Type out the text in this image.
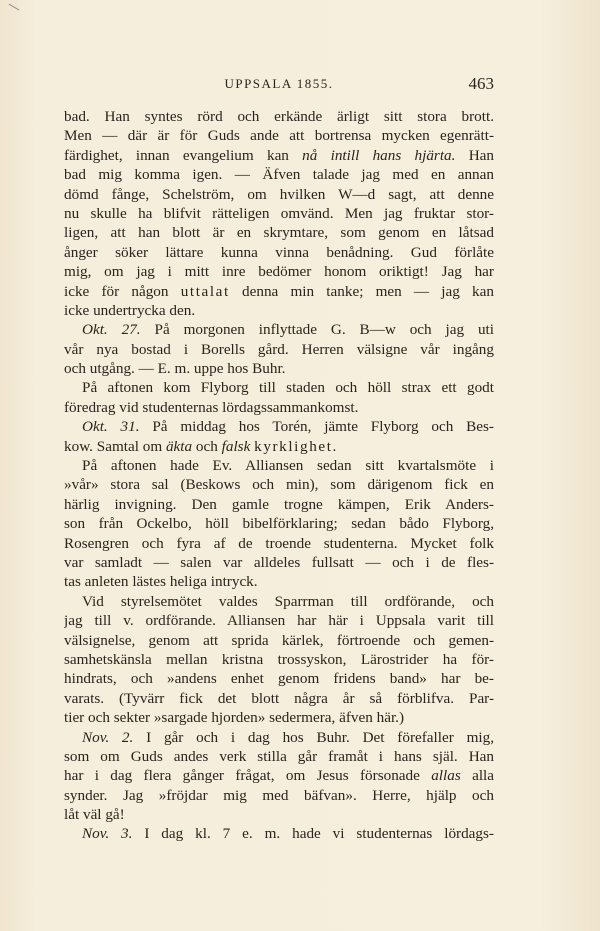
UPPSALA 1855.	463
bad. Han syntes rörd och erkände ärligt sitt stora brott.
Men — där är för Guds ande att bortrensa mycken egenrätt-
färdighet, innan evangelium kan nå intill hans hjärta. Han
bad mig komma igen. — Äfven talade jag med en annan
dömd fånge, Schelström, om hvilken W—d sagt, att denne
nu skulle ha blifvit rätteligen omvänd. Men jag fruktar stor-
ligen, att han blott är en skrymtare, som genom en låtsad
ånger söker lättare kunna vinna benådning. Gud förlåte
mig, om jag i mitt inre bedömer honom oriktigt! Jag har
icke för någon uttalat denna min tanke; men — jag kan
icke undertrycka den.
Okt. 27. På morgonen inflyttade G. B—w och jag uti
vår nya bostad i Borells gård. Herren välsigne vår ingång
och utgång. — E. m. uppe hos Buhr.
På aftonen kom Flyborg till staden och höll strax ett godt
föredrag vid studenternas lördagssammankomst.
Okt. 31. På middag hos Torén, jämte Flyborg och Bes-
kow. Samtal om äkta och falsk kyrklighet.
På aftonen hade Ev. Alliansen sedan sitt kvartalsmöte i
»vår» stora sal (Beskows och min), som därigenom fick en
härlig invigning. Den gamle trogne kämpen, Erik Anders-
son från Ockelbo, höll bibelförklaring; sedan båd​o Flyborg,
Rosengren och fyra af de troende studenterna. Mycket folk
var samladt — salen var alldeles fullsatt — och i de fles-
tas anleten lästes heliga intryck.
Vid styrelsemötet valdes Sparrman till ordförande, och
jag till v. ordförande. Alliansen har här i Uppsala varit till
välsignelse, genom att sprida kärlek, förtroende och gemen-
samhetskänsla mellan kristna trossyskon, Lärostrider ha för-
hindrats, och »andens enhet genom fridens band» har be-
varats. (Tyvärr fick det blott några år så förblifva. Par-
tier och sekter »sargade hjorden» sedermera, äfven här.)
Nov. 2. I går och i dag hos Buhr. Det förefaller mig,
som om Guds andes verk stilla går framåt i hans själ. Han
har i dag flera gånger frågat, om Jesus försonade allas alla
synder. Jag »fröjdar mig med bäfvan». Herre, hjälp och
låt väl gå!
Nov. 3. I dag kl. 7 e. m. hade vi studenternas lördags-
